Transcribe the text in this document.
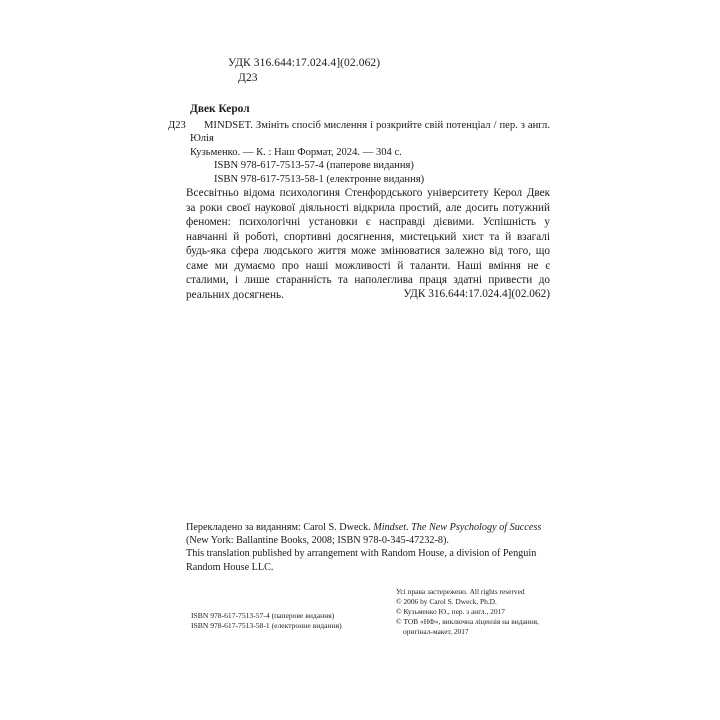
УДК 316.644:17.024.4](02.062)
Д23
Двек Керол
Д23	MINDSET. Змініть спосіб мислення і розкрийте свій потенціал / пер. з англ. Юлія
Кузьменко. — К. : Наш Формат, 2024. — 304 с.
ISBN 978-617-7513-57-4 (паперове видання)
ISBN 978-617-7513-58-1 (електронне видання)
Всесвітньо відома психологиня Стенфордського університету Керол Двек за роки своєї наукової діяльності відкрила простий, але досить потужний феномен: психологічні установки є насправді дієвими. Успішність у навчанні й роботі, спортивні досягнення, мистецький хист та й взагалі будь-яка сфера людського життя може змінюватися залежно від того, що саме ми думаємо про наші можливості й таланти. Наші вміння не є сталими, і лише старанність та наполеглива праця здатні привести до реальних досягнень.	УДК 316.644:17.024.4](02.062)

Перекладено за виданням: Carol S. Dweck. Mindset. The New Psychology of Success (New York: Ballantine Books, 2008; ISBN 978-0-345-47232-8).

This translation published by arrangement with Random House, a division of Penguin Random House LLC.

ISBN 978-617-7513-57-4 (паперове видання)
ISBN 978-617-7513-58-1 (електронне видання)
Усі права застережено. All rights reserved
© 2006 by Carol S. Dweck, Ph.D.
© Кузьменко Ю., пер. з англ., 2017
© ТОВ «НФ», виключна ліцензія на видання,
оригінал-макет, 2017
